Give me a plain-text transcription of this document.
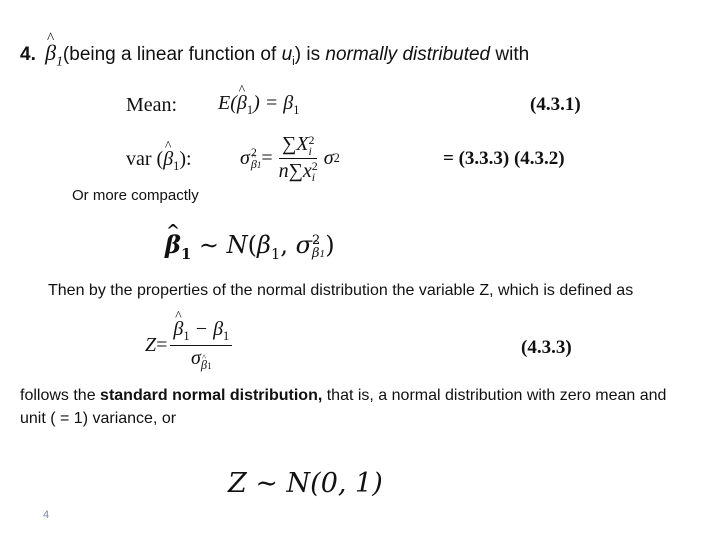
4. ^ $\beta_1(being$ a linear function of $u_i$) is normally distributed with
Mean: E(^ $\beta_1) = \beta_1$	(4.3.1)
var (^ $\beta_1$): σ 2
^ β1 = ∑X 2
i
n∑x 2
i σ 2	= (3.3.3) (4.3.2)
Or more compactly
^ $\beta_1$ ∼ $N(\beta_1$, σ 2
^ β1 )
Then by the properties of the normal distribution the variable Z, which is defined as
Z = ^ $\frac{\beta_1 - \beta_1}{\sigma\^{} _{\beta 1}}$	(4.3.3)
follows the standard normal distribution, that is, a normal distribution with zero mean and
unit ( = 1) variance, or
Z ∼ N(0, 1)
4
